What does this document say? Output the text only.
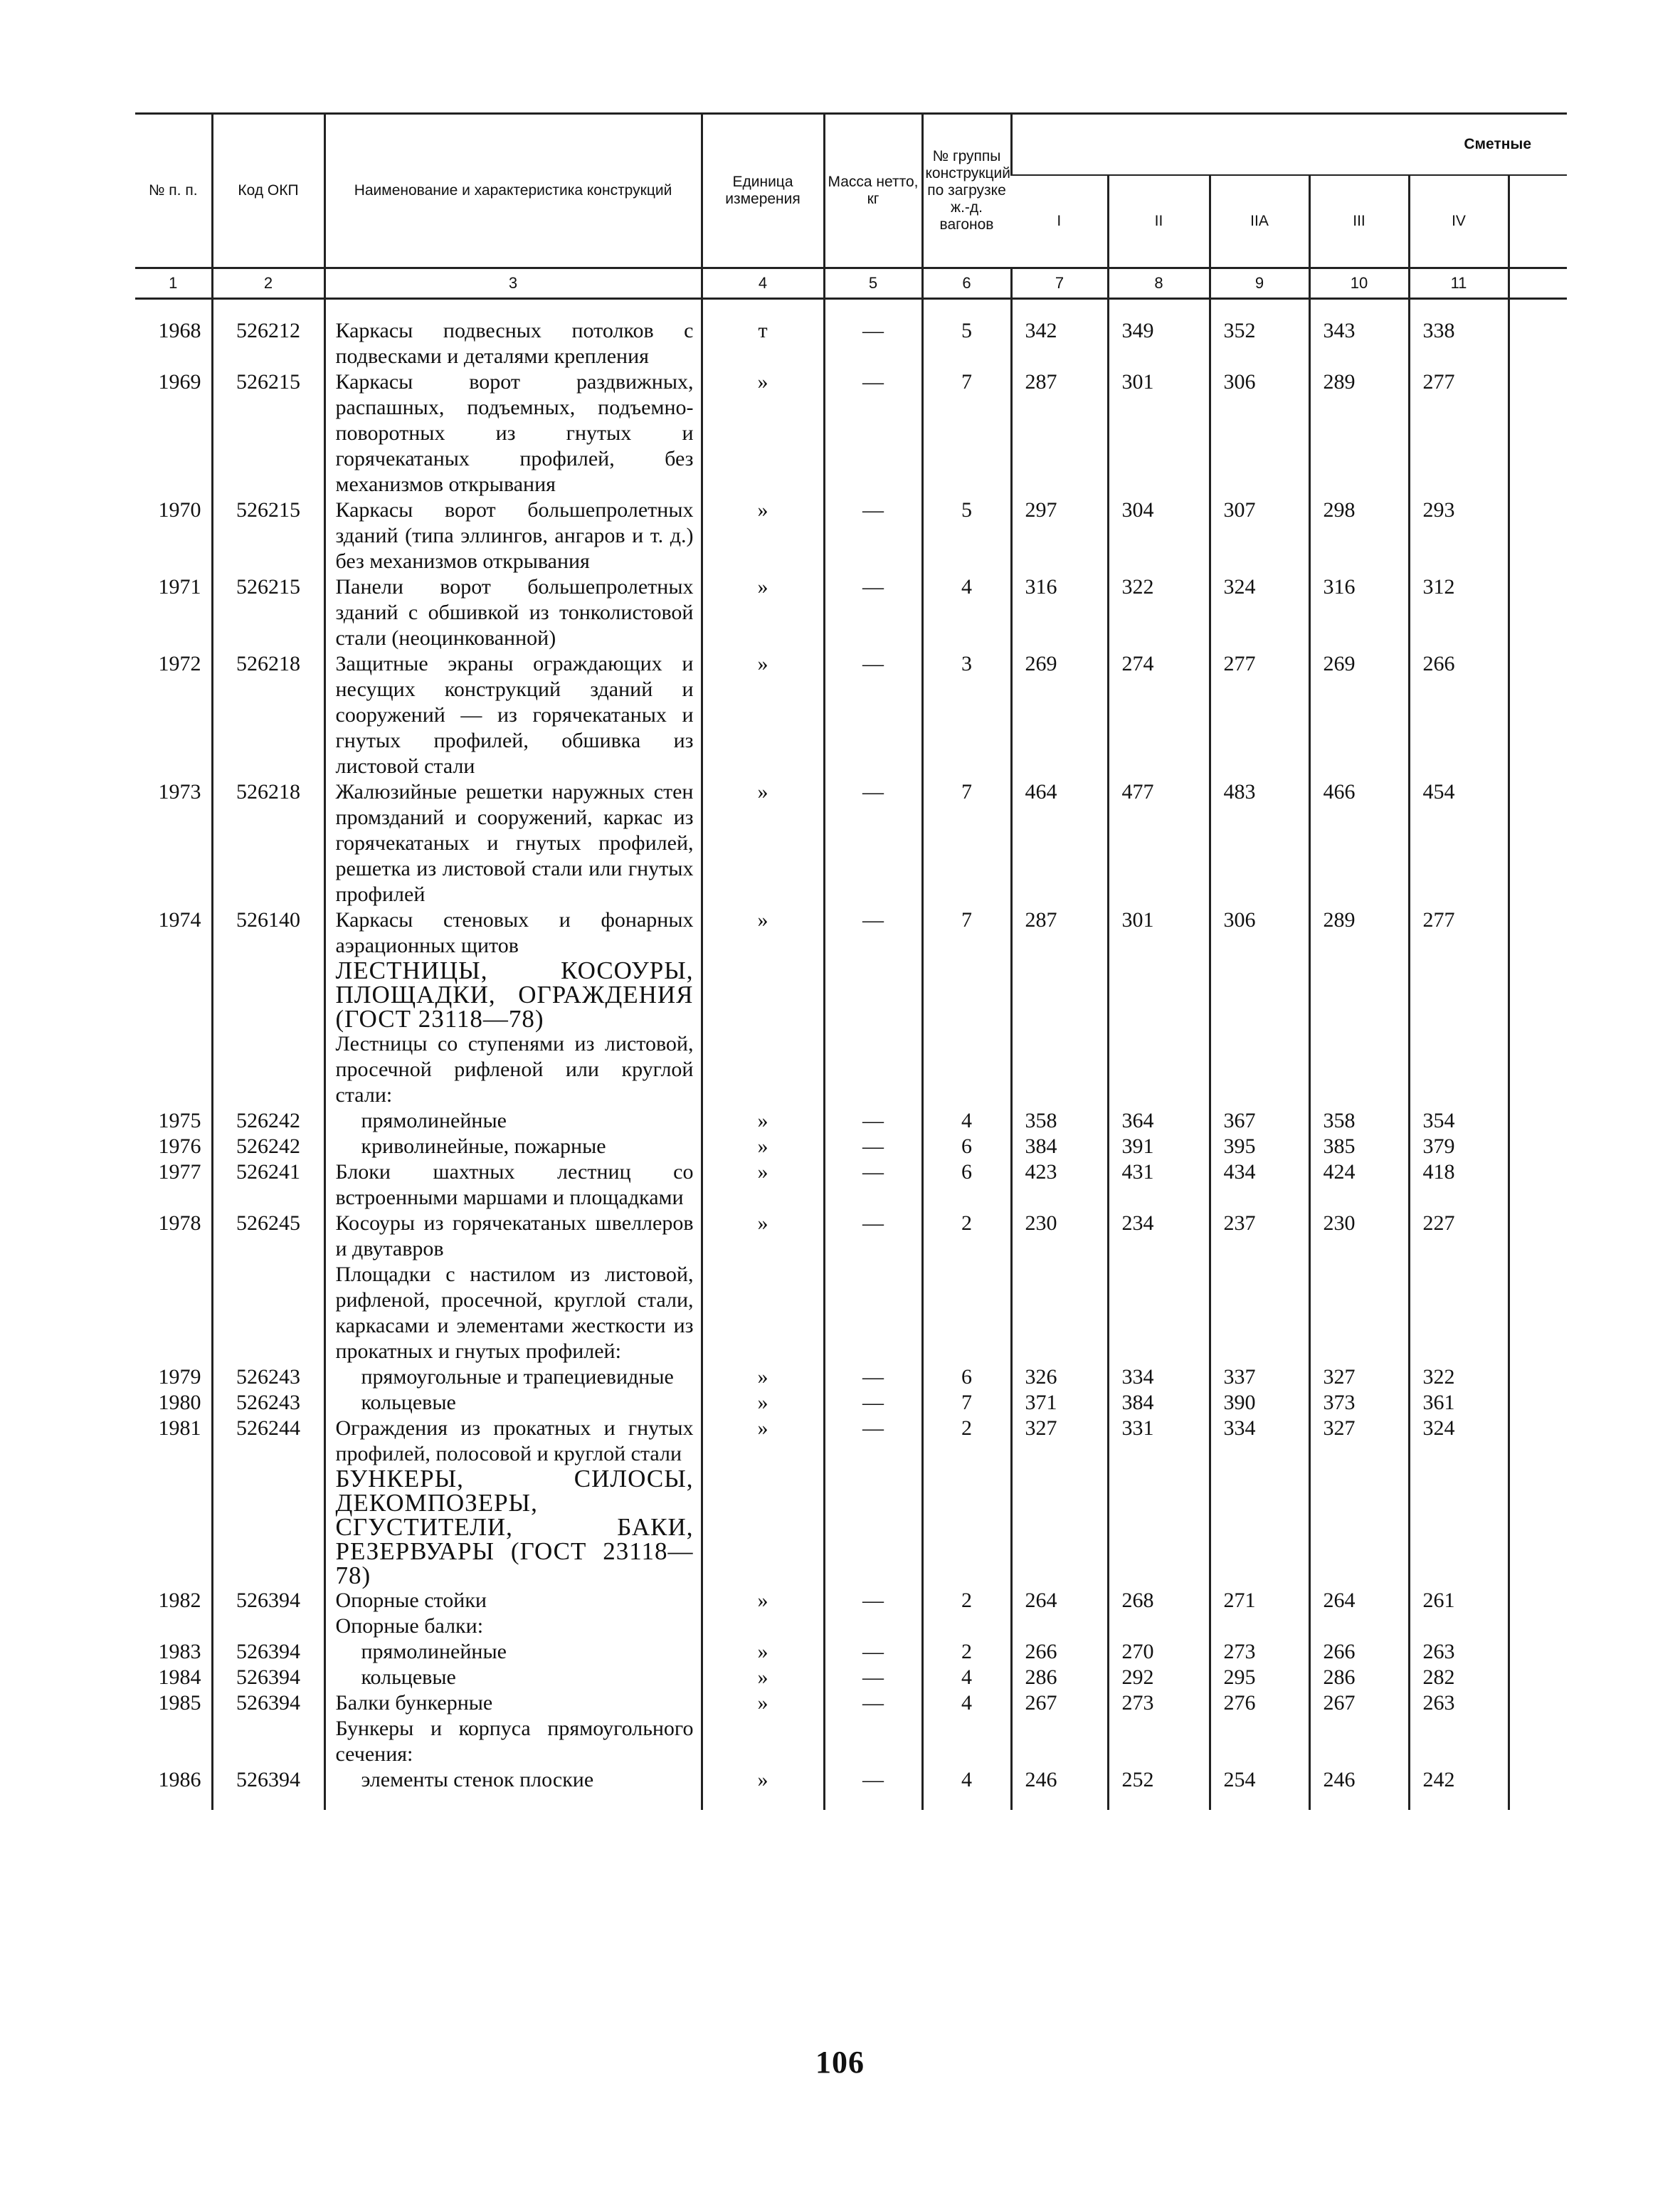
№ п. п.	Код ОКП	Наименование и характеристика конструкций	Единица измерения	Масса нетто, кг	№ группы конструкций по загрузке ж.-д. вагонов	Сметные					
						I	II	IIА	III	IV	
1	2	3	4	5	6	7	8	9	10	11	

1968	526212	Каркасы подвесных потолков с подвесками и деталями крепления	т	—	5	342	349	352	343	338	
1969	526215	Каркасы ворот раздвижных, распашных, подъемных, подъемно-поворотных из гнутых и горячекатаных профилей, без механизмов открывания	»	—	7	287	301	306	289	277	
1970	526215	Каркасы ворот большепролетных зданий (типа эллингов, ангаров и т. д.) без механизмов открывания	»	—	5	297	304	307	298	293	
1971	526215	Панели ворот большепролетных зданий с обшивкой из тонколистовой стали (неоцинкованной)	»	—	4	316	322	324	316	312	
1972	526218	Защитные экраны ограждающих и несущих конструкций зданий и сооружений — из горячекатаных и гнутых профилей, обшивка из листовой стали	»	—	3	269	274	277	269	266	
1973	526218	Жалюзийные решетки наружных стен промзданий и сооружений, каркас из горячекатаных и гнутых профилей, решетка из листовой стали или гнутых профилей	»	—	7	464	477	483	466	454	
1974	526140	Каркасы стеновых и фонарных аэрационных щитов	»	—	7	287	301	306	289	277	

		ЛЕСТНИЦЫ, КОСОУРЫ, ПЛОЩАДКИ, ОГРАЖДЕНИЯ (ГОСТ 23118—78)									

		Лестницы со ступенями из листовой, просечной рифленой или круглой стали:									
1975	526242	прямолинейные	»	—	4	358	364	367	358	354	
1976	526242	криволинейные, пожарные	»	—	6	384	391	395	385	379	
1977	526241	Блоки шахтных лестниц со встроенными маршами и площадками	»	—	6	423	431	434	424	418	
1978	526245	Косоуры из горячекатаных швеллеров и двутавров	»	—	2	230	234	237	230	227	
		Площадки с настилом из листовой, рифленой, просечной, круглой стали, каркасами и элементами жесткости из прокатных и гнутых профилей:									
1979	526243	прямоугольные и трапециевидные	»	—	6	326	334	337	327	322	
1980	526243	кольцевые	»	—	7	371	384	390	373	361	
1981	526244	Ограждения из прокатных и гнутых профилей, полосовой и круглой стали	»	—	2	327	331	334	327	324	

		БУНКЕРЫ, СИЛОСЫ, ДЕКОМПОЗЕРЫ, СГУСТИТЕЛИ, БАКИ, РЕЗЕРВУАРЫ (ГОСТ 23118—78)									

1982	526394	Опорные стойки	»	—	2	264	268	271	264	261	
		Опорные балки:									
1983	526394	прямолинейные	»	—	2	266	270	273	266	263	
1984	526394	кольцевые	»	—	4	286	292	295	286	282	
1985	526394	Балки бункерные	»	—	4	267	273	276	267	263	
		Бункеры и корпуса прямоугольного сечения:									
1986	526394	элементы стенок плоские	»	—	4	246	252	254	246	242	

106
